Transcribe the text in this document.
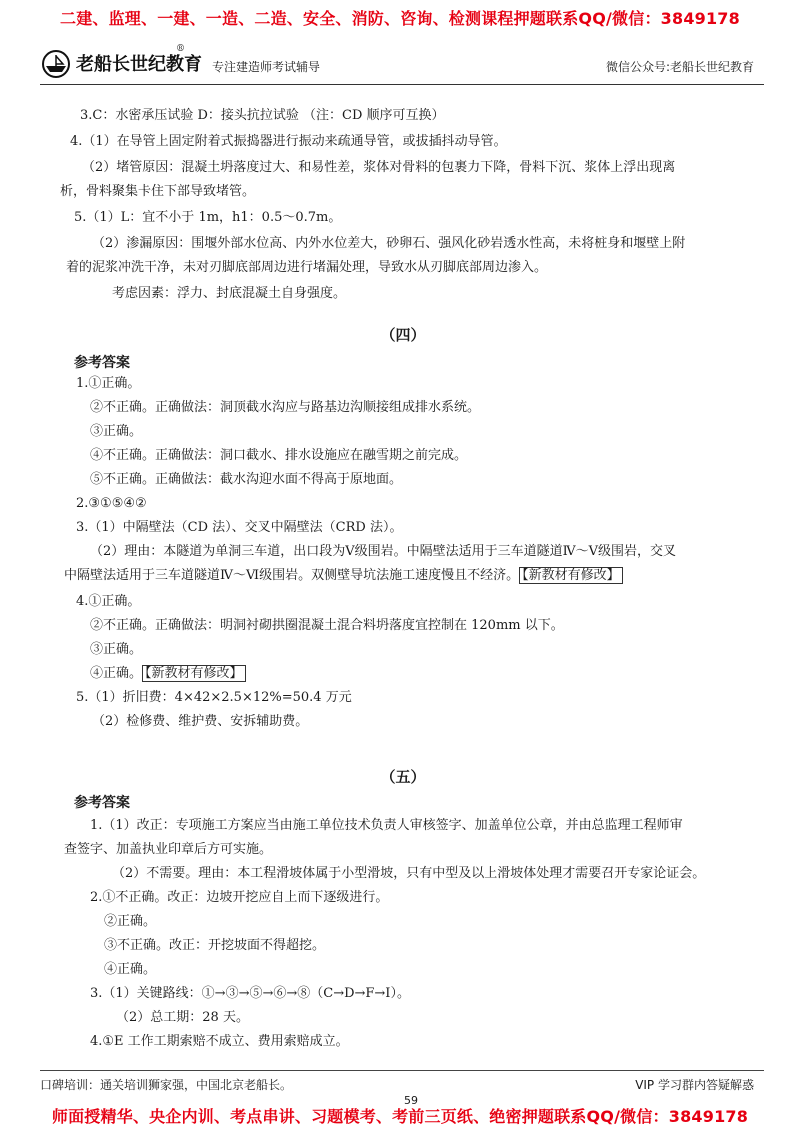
二建、监理、一建、一造、二造、安全、消防、咨询、检测课程押题联系QQ/微信：3849178
老船长世纪教育
®
专注建造师考试辅导	微信公众号:老船长世纪教育
3.C：水密承压试验 D：接头抗拉试验 （注：CD 顺序可互换）
4.（1）在导管上固定附着式振捣器进行振动来疏通导管，或拔插抖动导管。
（2）堵管原因：混凝土坍落度过大、和易性差，浆体对骨料的包裹力下降，骨料下沉、浆体上浮出现离
析，骨料聚集卡住下部导致堵管。
5.（1）L：宜不小于 1m，h1：0.5～0.7m。
（2）渗漏原因：围堰外部水位高、内外水位差大，砂卵石、强风化砂岩透水性高，未将桩身和堰壁上附
着的泥浆冲洗干净，未对刃脚底部周边进行堵漏处理，导致水从刃脚底部周边渗入。
考虑因素：浮力、封底混凝土自身强度。
（四）
参考答案
1.①正确。
②不正确。正确做法：洞顶截水沟应与路基边沟顺接组成排水系统。
③正确。
④不正确。正确做法：洞口截水、排水设施应在融雪期之前完成。
⑤不正确。正确做法：截水沟迎水面不得高于原地面。
2.③①⑤④②
3.（1）中隔壁法（CD 法）、交叉中隔壁法（CRD 法）。
（2）理由：本隧道为单洞三车道，出口段为Ⅴ级围岩。中隔壁法适用于三车道隧道Ⅳ～Ⅴ级围岩，交叉
中隔壁法适用于三车道隧道Ⅳ～Ⅵ级围岩。双侧壁导坑法施工速度慢且不经济。 【新教材有修改】
4.①正确。
②不正确。正确做法：明洞衬砌拱圈混凝土混合料坍落度宜控制在 120mm 以下。
③正确。
④正确。 【新教材有修改】
5.（1）折旧费：4×42×2.5×12%=50.4 万元
（2）检修费、维护费、安拆辅助费。
（五）
参考答案
1.（1）改正：专项施工方案应当由施工单位技术负责人审核签字、加盖单位公章，并由总监理工程师审
查签字、加盖执业印章后方可实施。
（2）不需要。理由：本工程滑坡体属于小型滑坡，只有中型及以上滑坡体处理才需要召开专家论证会。
2.①不正确。改正：边坡开挖应自上而下逐级进行。
②正确。
③不正确。改正：开挖坡面不得超挖。
④正确。
3.（1）关键路线：①→③→⑤→⑥→⑧（C→D→F→I）。
（2）总工期：28 天。
4.①E 工作工期索赔不成立、费用索赔成立。
口碑培训：通关培训狮家强，中国北京老船长。	VIP 学习群内答疑解惑
59
师面授精华、央企内训、考点串讲、习题模考、考前三页纸、绝密押题联系QQ/微信：3849178
